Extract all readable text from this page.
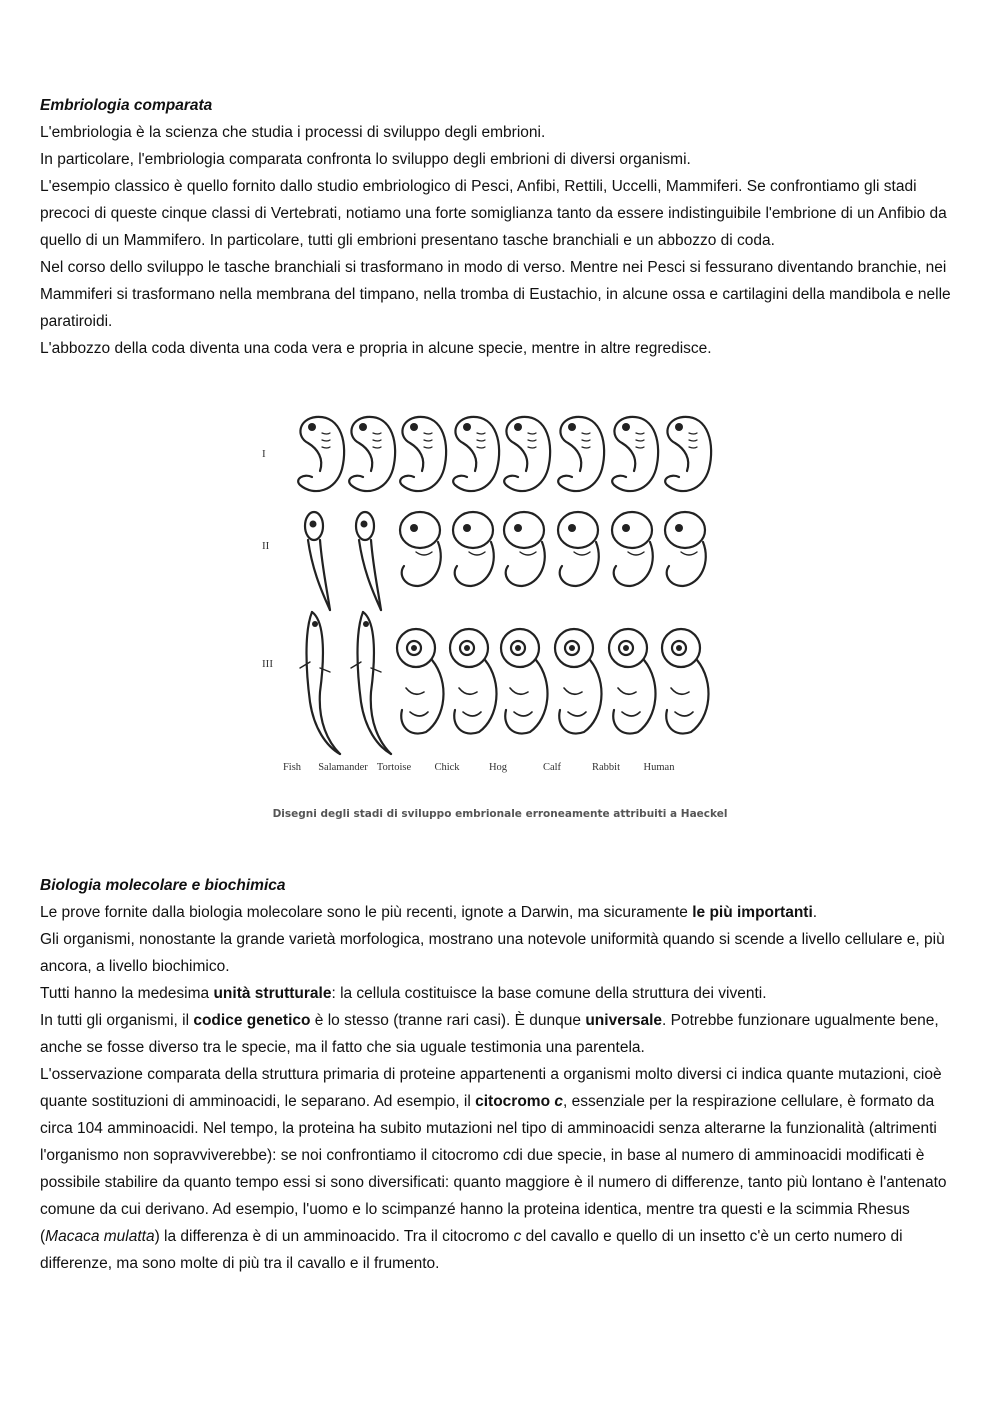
Embriologia comparata

L'embriologia è la scienza che studia i processi di sviluppo degli embrioni.

In particolare, l'embriologia comparata confronta lo sviluppo degli embrioni di diversi organismi.

L'esempio classico è quello fornito dallo studio embriologico di Pesci, Anfibi, Rettili, Uccelli, Mammiferi. Se confrontiamo gli stadi precoci di queste cinque classi di Vertebrati, notiamo una forte somiglianza tanto da essere indistinguibile l'embrione di un Anfibio da quello di un Mammifero. In particolare, tutti gli embrioni presentano tasche branchiali e un abbozzo di coda.

Nel corso dello sviluppo le tasche branchiali si trasformano in modo di verso. Mentre nei Pesci si fessurano diventando branchie, nei Mammiferi si trasformano nella membrana del timpano, nella tromba di Eustachio, in alcune ossa e cartilagini della mandibola e nelle paratiroidi.

L'abbozzo della coda diventa una coda vera e propria in alcune specie, mentre in altre regredisce.

I
II
III
Fish	Salamander Tortoise	Chick	Hog	Calf	Rabbit	Human
Disegni degli stadi di sviluppo embrionale erroneamente attribuiti a Haeckel

Biologia molecolare e biochimica

Le prove fornite dalla biologia molecolare sono le più recenti, ignote a Darwin, ma sicuramente le più importanti.

Gli organismi, nonostante la grande varietà morfologica, mostrano una notevole uniformità quando si scende a livello cellulare e, più ancora, a livello biochimico.

Tutti hanno la medesima unità strutturale: la cellula costituisce la base comune della struttura dei viventi.

In tutti gli organismi, il codice genetico è lo stesso (tranne rari casi). È dunque universale. Potrebbe funzionare ugualmente bene, anche se fosse diverso tra le specie, ma il fatto che sia uguale testimonia una parentela.

L'osservazione comparata della struttura primaria di proteine appartenenti a organismi molto diversi ci indica quante mutazioni, cioè quante sostituzioni di amminoacidi, le separano. Ad esempio, il citocromo c, essenziale per la respirazione cellulare, è formato da circa 104 amminoacidi. Nel tempo, la proteina ha subito mutazioni nel tipo di amminoacidi senza alterarne la funzionalità (altrimenti l'organismo non sopravviverebbe): se noi confrontiamo il citocromo cdi due specie, in base al numero di amminoacidi modificati è possibile stabilire da quanto tempo essi si sono diversificati: quanto maggiore è il numero di differenze, tanto più lontano è l'antenato comune da cui derivano. Ad esempio, l'uomo e lo scimpanzé hanno la proteina identica, mentre tra questi e la scimmia Rhesus (Macaca mulatta) la differenza è di un amminoacido. Tra il citocromo c del cavallo e quello di un insetto c'è un certo numero di differenze, ma sono molte di più tra il cavallo e il frumento.
